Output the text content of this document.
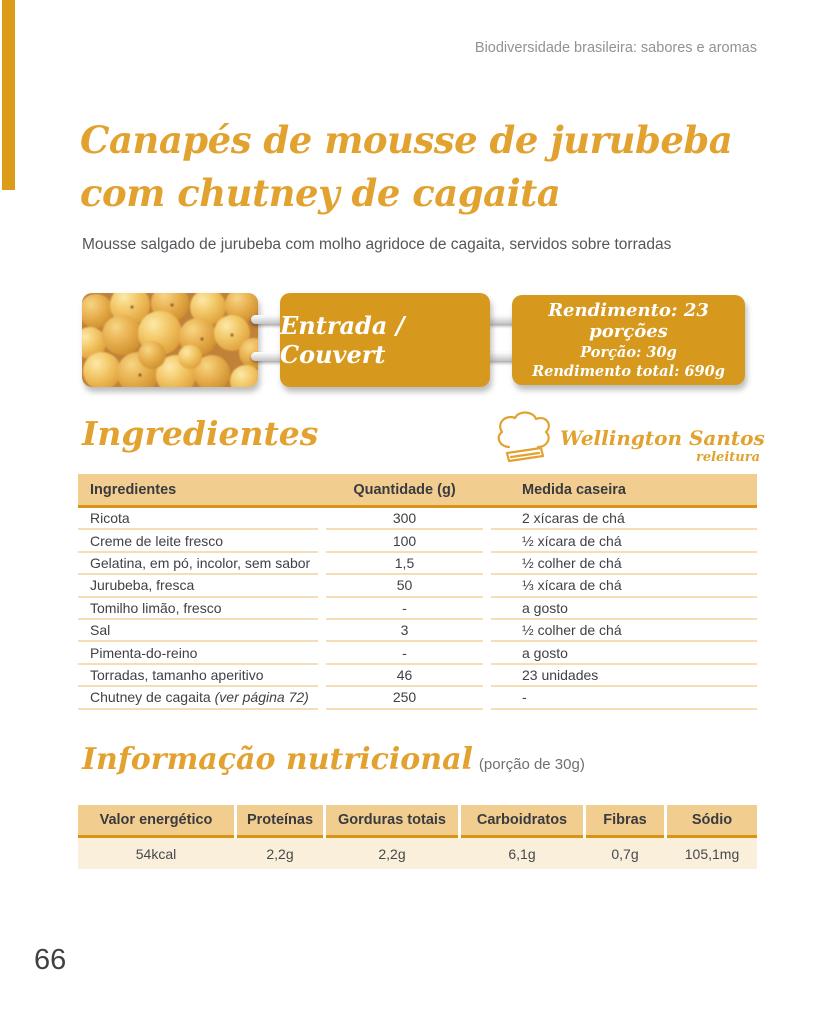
Biodiversidade brasileira: sabores e aromas
Canapés de mousse de jurubeba com chutney de cagaita

Mousse salgado de jurubeba com molho agridoce de cagaita, servidos sobre torradas

Entrada / Couvert
Rendimento: 23 porções
Porção: 30g
Rendimento total: 690g
Ingredientes	Wellington Santos
releitura
Ingredientes	Quantidade (g)	Medida caseira
Ricota	300	2 xícaras de chá
Creme de leite fresco	100	½ xícara de chá
Gelatina, em pó, incolor, sem sabor	1,5	½ colher de chá
Jurubeba, fresca	50	⅓ xícara de chá
Tomilho limão, fresco	-	a gosto
Sal	3	½ colher de chá
Pimenta-do-reino	-	a gosto
Torradas, tamanho aperitivo	46	23 unidades
Chutney de cagaita (ver página 72)	250	-
Informação nutricional (porção de 30g)
Valor energético	Proteínas	Gorduras totais	Carboidratos	Fibras	Sódio
54kcal	2,2g	2,2g	6,1g	0,7g	105,1mg
66
